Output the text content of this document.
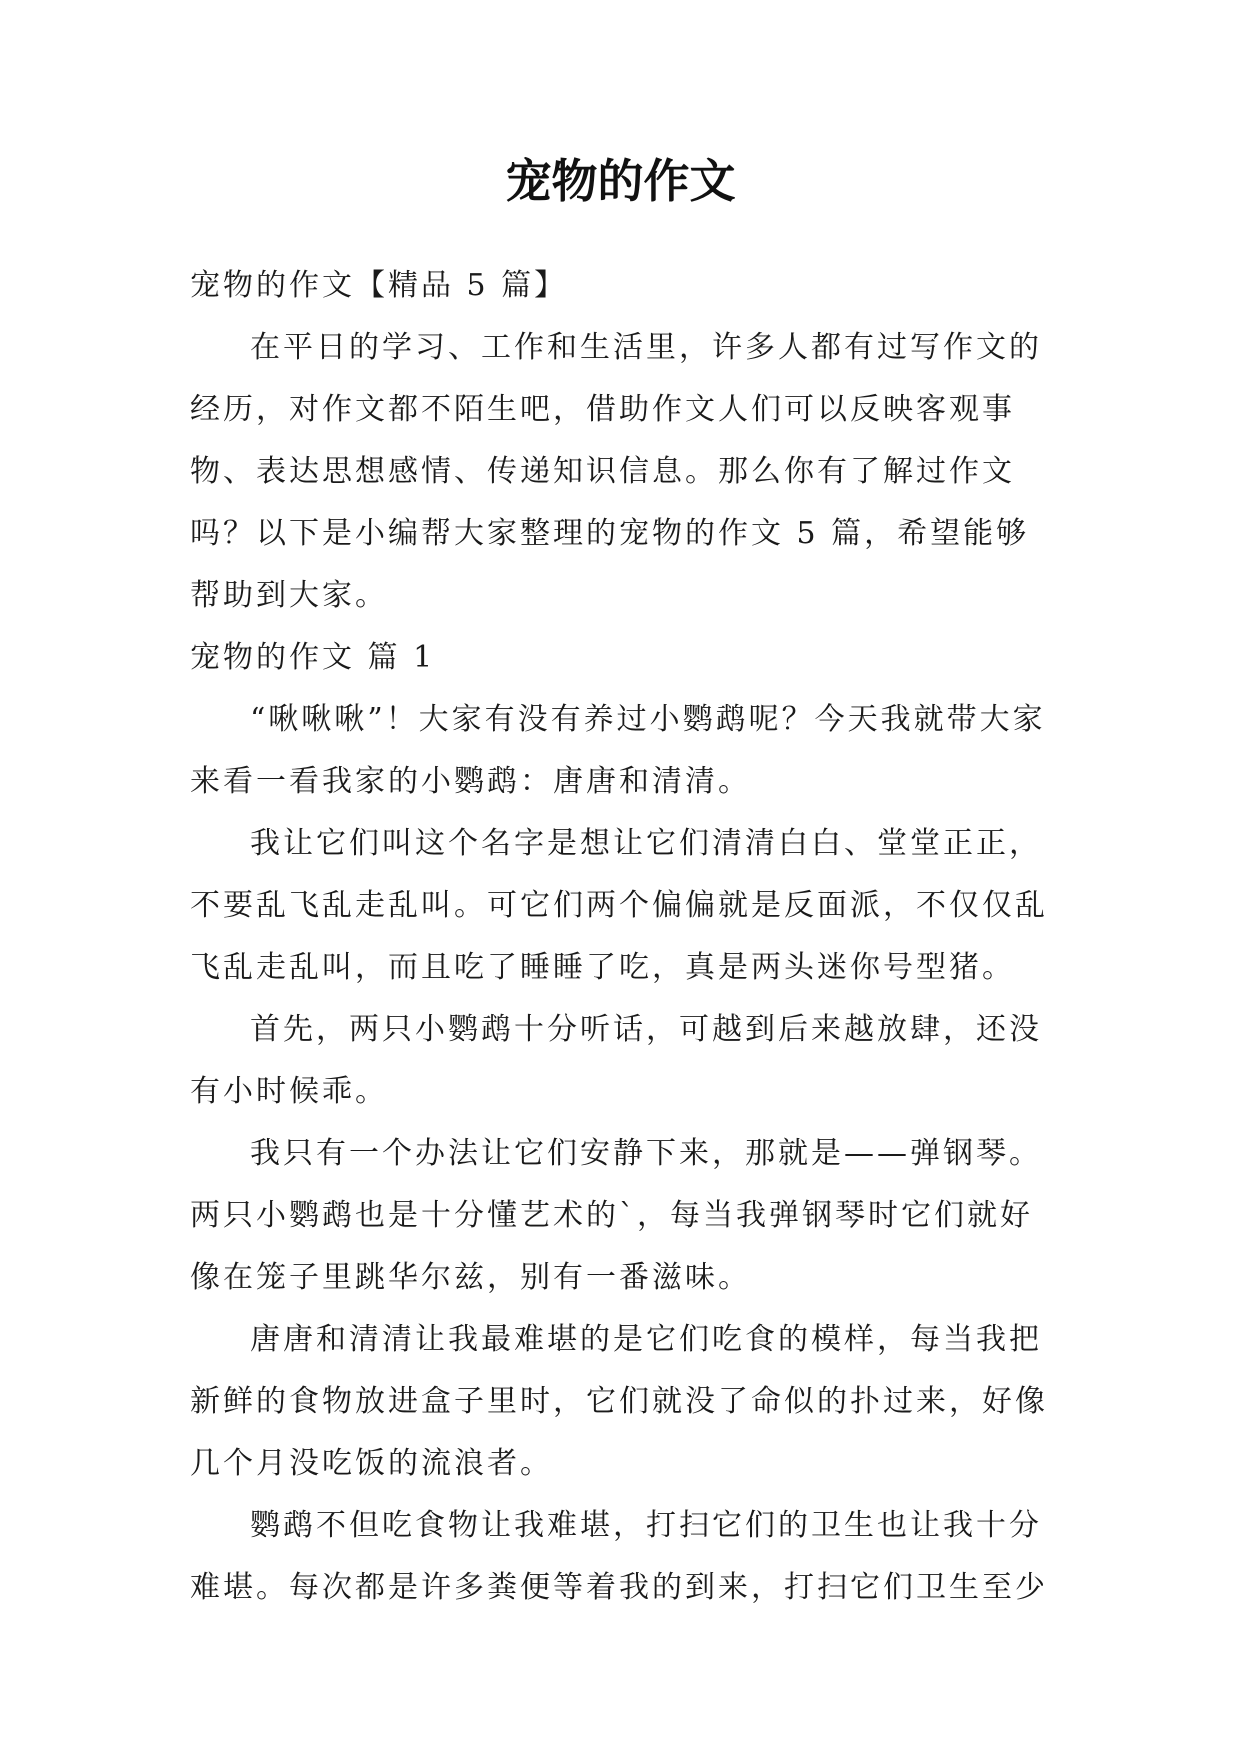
宠物的作文

宠物的作文【精品 5 篇】

在平日的学习、工作和生活里，许多人都有过写作文的经历，对作文都不陌生吧，借助作文人们可以反映客观事物、表达思想感情、传递知识信息。那么你有了解过作文吗？以下是小编帮大家整理的宠物的作文 5 篇，希望能够帮助到大家。

宠物的作文 篇 1

“啾啾啾”！大家有没有养过小鹦鹉呢？今天我就带大家来看一看我家的小鹦鹉：唐唐和清清。

我让它们叫这个名字是想让它们清清白白、堂堂正正，不要乱飞乱走乱叫。可它们两个偏偏就是反面派，不仅仅乱飞乱走乱叫，而且吃了睡睡了吃，真是两头迷你号型猪。

首先，两只小鹦鹉十分听话，可越到后来越放肆，还没有小时候乖。

我只有一个办法让它们安静下来，那就是——弹钢琴。两只小鹦鹉也是十分懂艺术的`，每当我弹钢琴时它们就好像在笼子里跳华尔兹，别有一番滋味。

唐唐和清清让我最难堪的是它们吃食的模样，每当我把新鲜的食物放进盒子里时，它们就没了命似的扑过来，好像几个月没吃饭的流浪者。

鹦鹉不但吃食物让我难堪，打扫它们的卫生也让我十分难堪。每次都是许多粪便等着我的到来，打扫它们卫生至少
